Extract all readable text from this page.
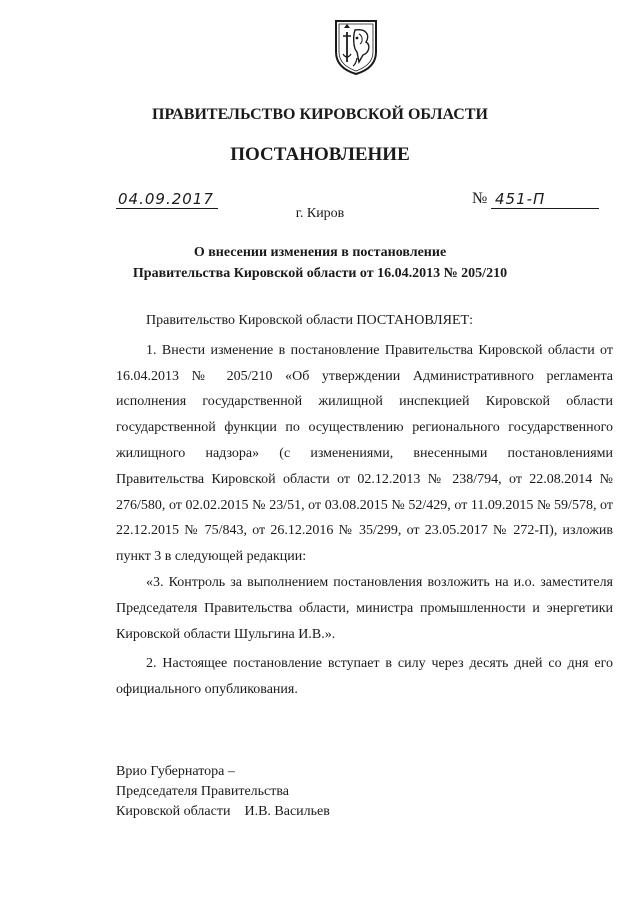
ПРАВИТЕЛЬСТВО КИРОВСКОЙ ОБЛАСТИ
ПОСТАНОВЛЕНИЕ
04.09.2017	№ 451-П
г. Киров
О внесении изменения в постановление
Правительства Кировской области от 16.04.2013 № 205/210

Правительство Кировской области ПОСТАНОВЛЯЕТ:

1. Внести изменение в постановление Правительства Кировской области от 16.04.2013 № 205/210 «Об утверждении Административного регламента исполнения государственной жилищной инспекцией Кировской области государственной функции по осуществлению регионального государственного жилищного надзора» (с изменениями, внесенными постановлениями Правительства Кировской области от 02.12.2013 № 238/794, от 22.08.2014 № 276/580, от 02.02.2015 № 23/51, от 03.08.2015 № 52/429, от 11.09.2015 № 59/578, от 22.12.2015 № 75/843, от 26.12.2016 № 35/299, от 23.05.2017 № 272-П), изложив пункт 3 в следующей редакции:

«3. Контроль за выполнением постановления возложить на и.о. заместителя Председателя Правительства области, министра промышленности и энергетики Кировской области Шульгина И.В.».

2. Настоящее постановление вступает в силу через десять дней со дня его официального опубликования.

Врио Губернатора –
Председателя Правительства
Кировской области И.В. Васильев
